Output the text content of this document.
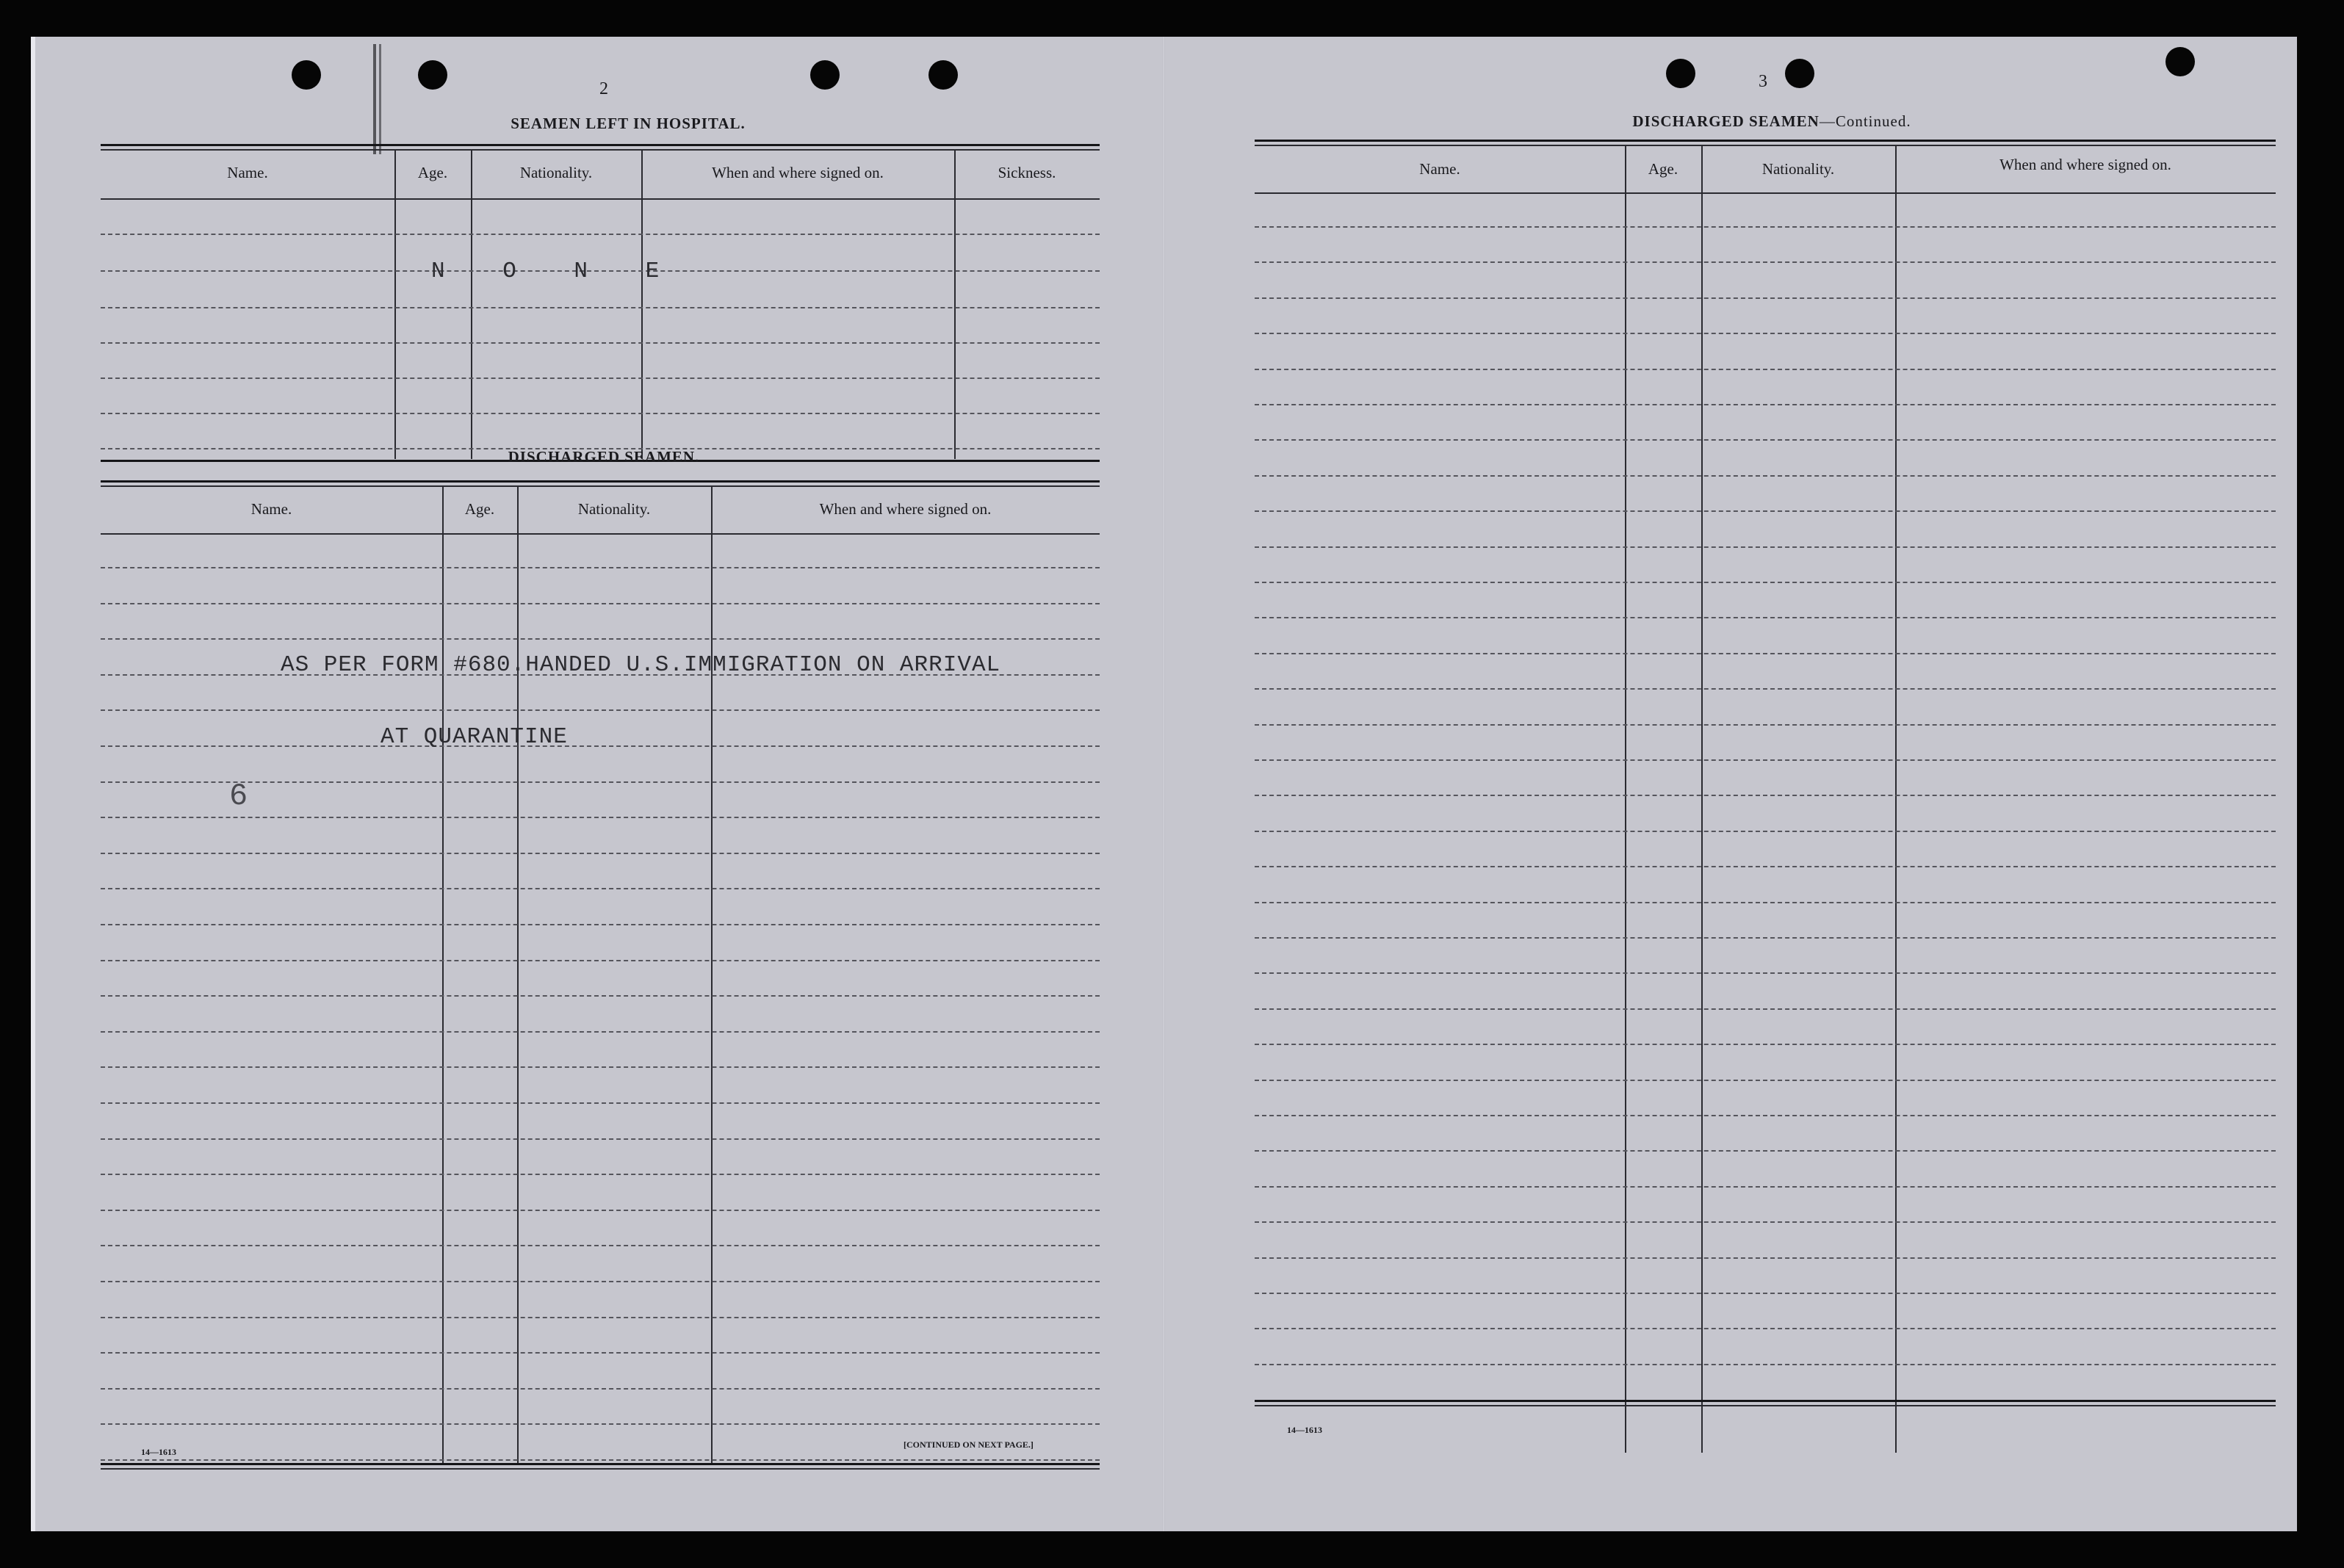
2
SEAMEN LEFT IN HOSPITAL.
Name.	Age.	Nationality.	When and where signed on.	Sickness.
N O N E
DISCHARGED SEAMEN.
Name.	Age.	Nationality.	When and where signed on.
AS PER FORM #680.HANDED U.S.IMMIGRATION ON ARRIVAL
AT QUARANTINE
6
14—1613
[CONTINUED ON NEXT PAGE.]
3
DISCHARGED SEAMEN—Continued.
Name.	Age.	Nationality.	When and where signed on.
14—1613
